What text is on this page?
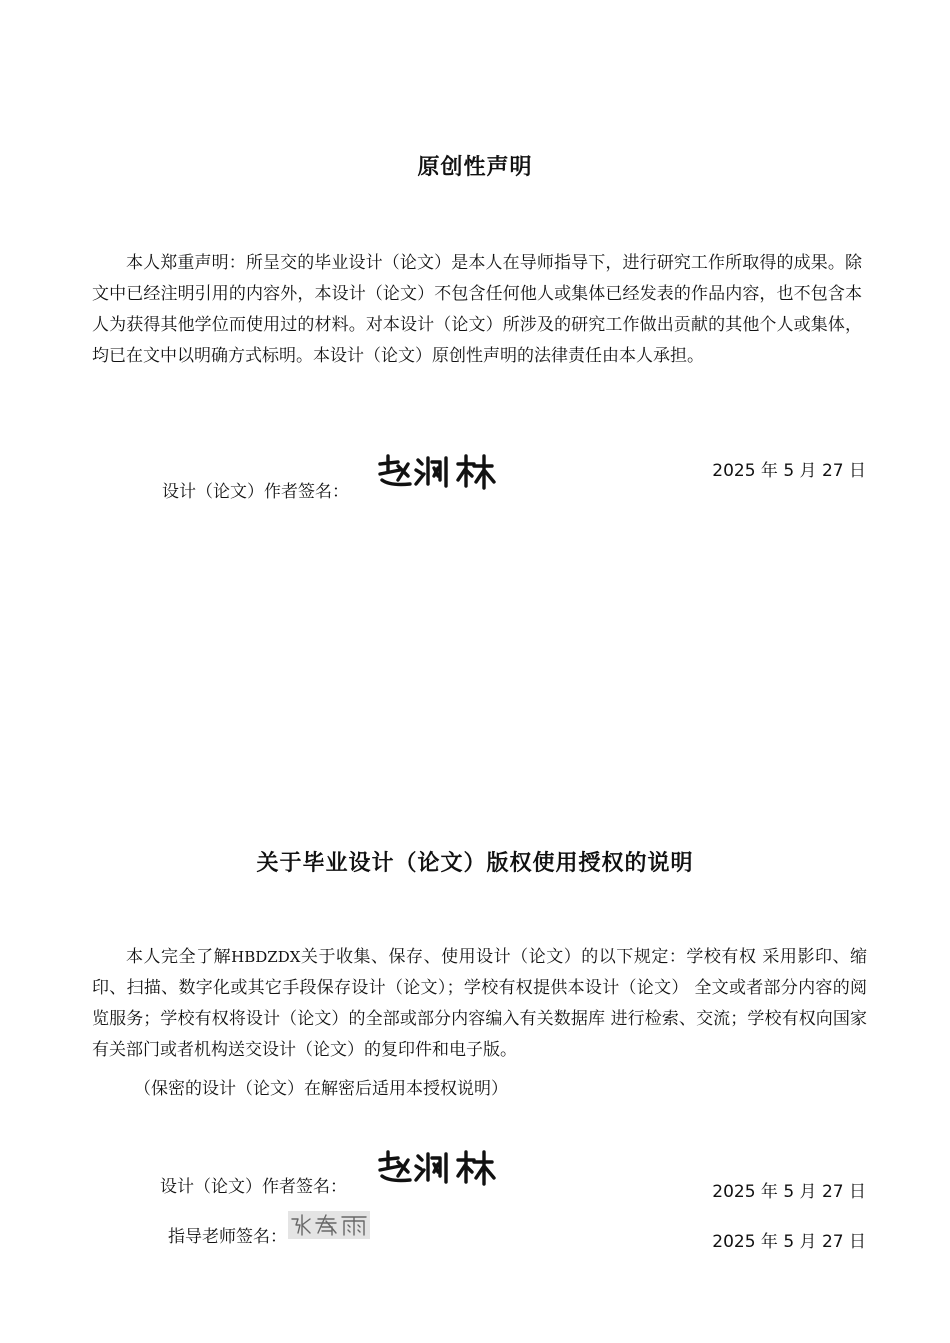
原创性声明

本人郑重声明：所呈交的毕业设计（论文）是本人在导师指导下，进行研究工作所取得的成果。除文中已经注明引用的内容外，本设计（论文）不包含任何他人或集体已经发表的作品内容，也不包含本人为获得其他学位而使用过的材料。对本设计（论文）所涉及的研究工作做出贡献的其他个人或集体，均已在文中以明确方式标明。本设计（论文）原创性声明的法律责任由本人承担。

设计（论文）作者签名：
2025 年 5 月 27 日
关于毕业设计（论文）版权使用授权的说明

本人完全了解HBDZDX关于收集、保存、使用设计（论文）的以下规定：学校有权 采用影印、缩印、扫描、数字化或其它手段保存设计（论文）；学校有权提供本设计（论文） 全文或者部分内容的阅览服务；学校有权将设计（论文）的全部或部分内容编入有关数据库 进行检索、交流；学校有权向国家有关部门或者机构送交设计（论文）的复印件和电子版。

（保密的设计（论文）在解密后适用本授权说明）
设计（论文）作者签名：	2025 年 5 月 27 日
指导老师签名：	2025 年 5 月 27 日
